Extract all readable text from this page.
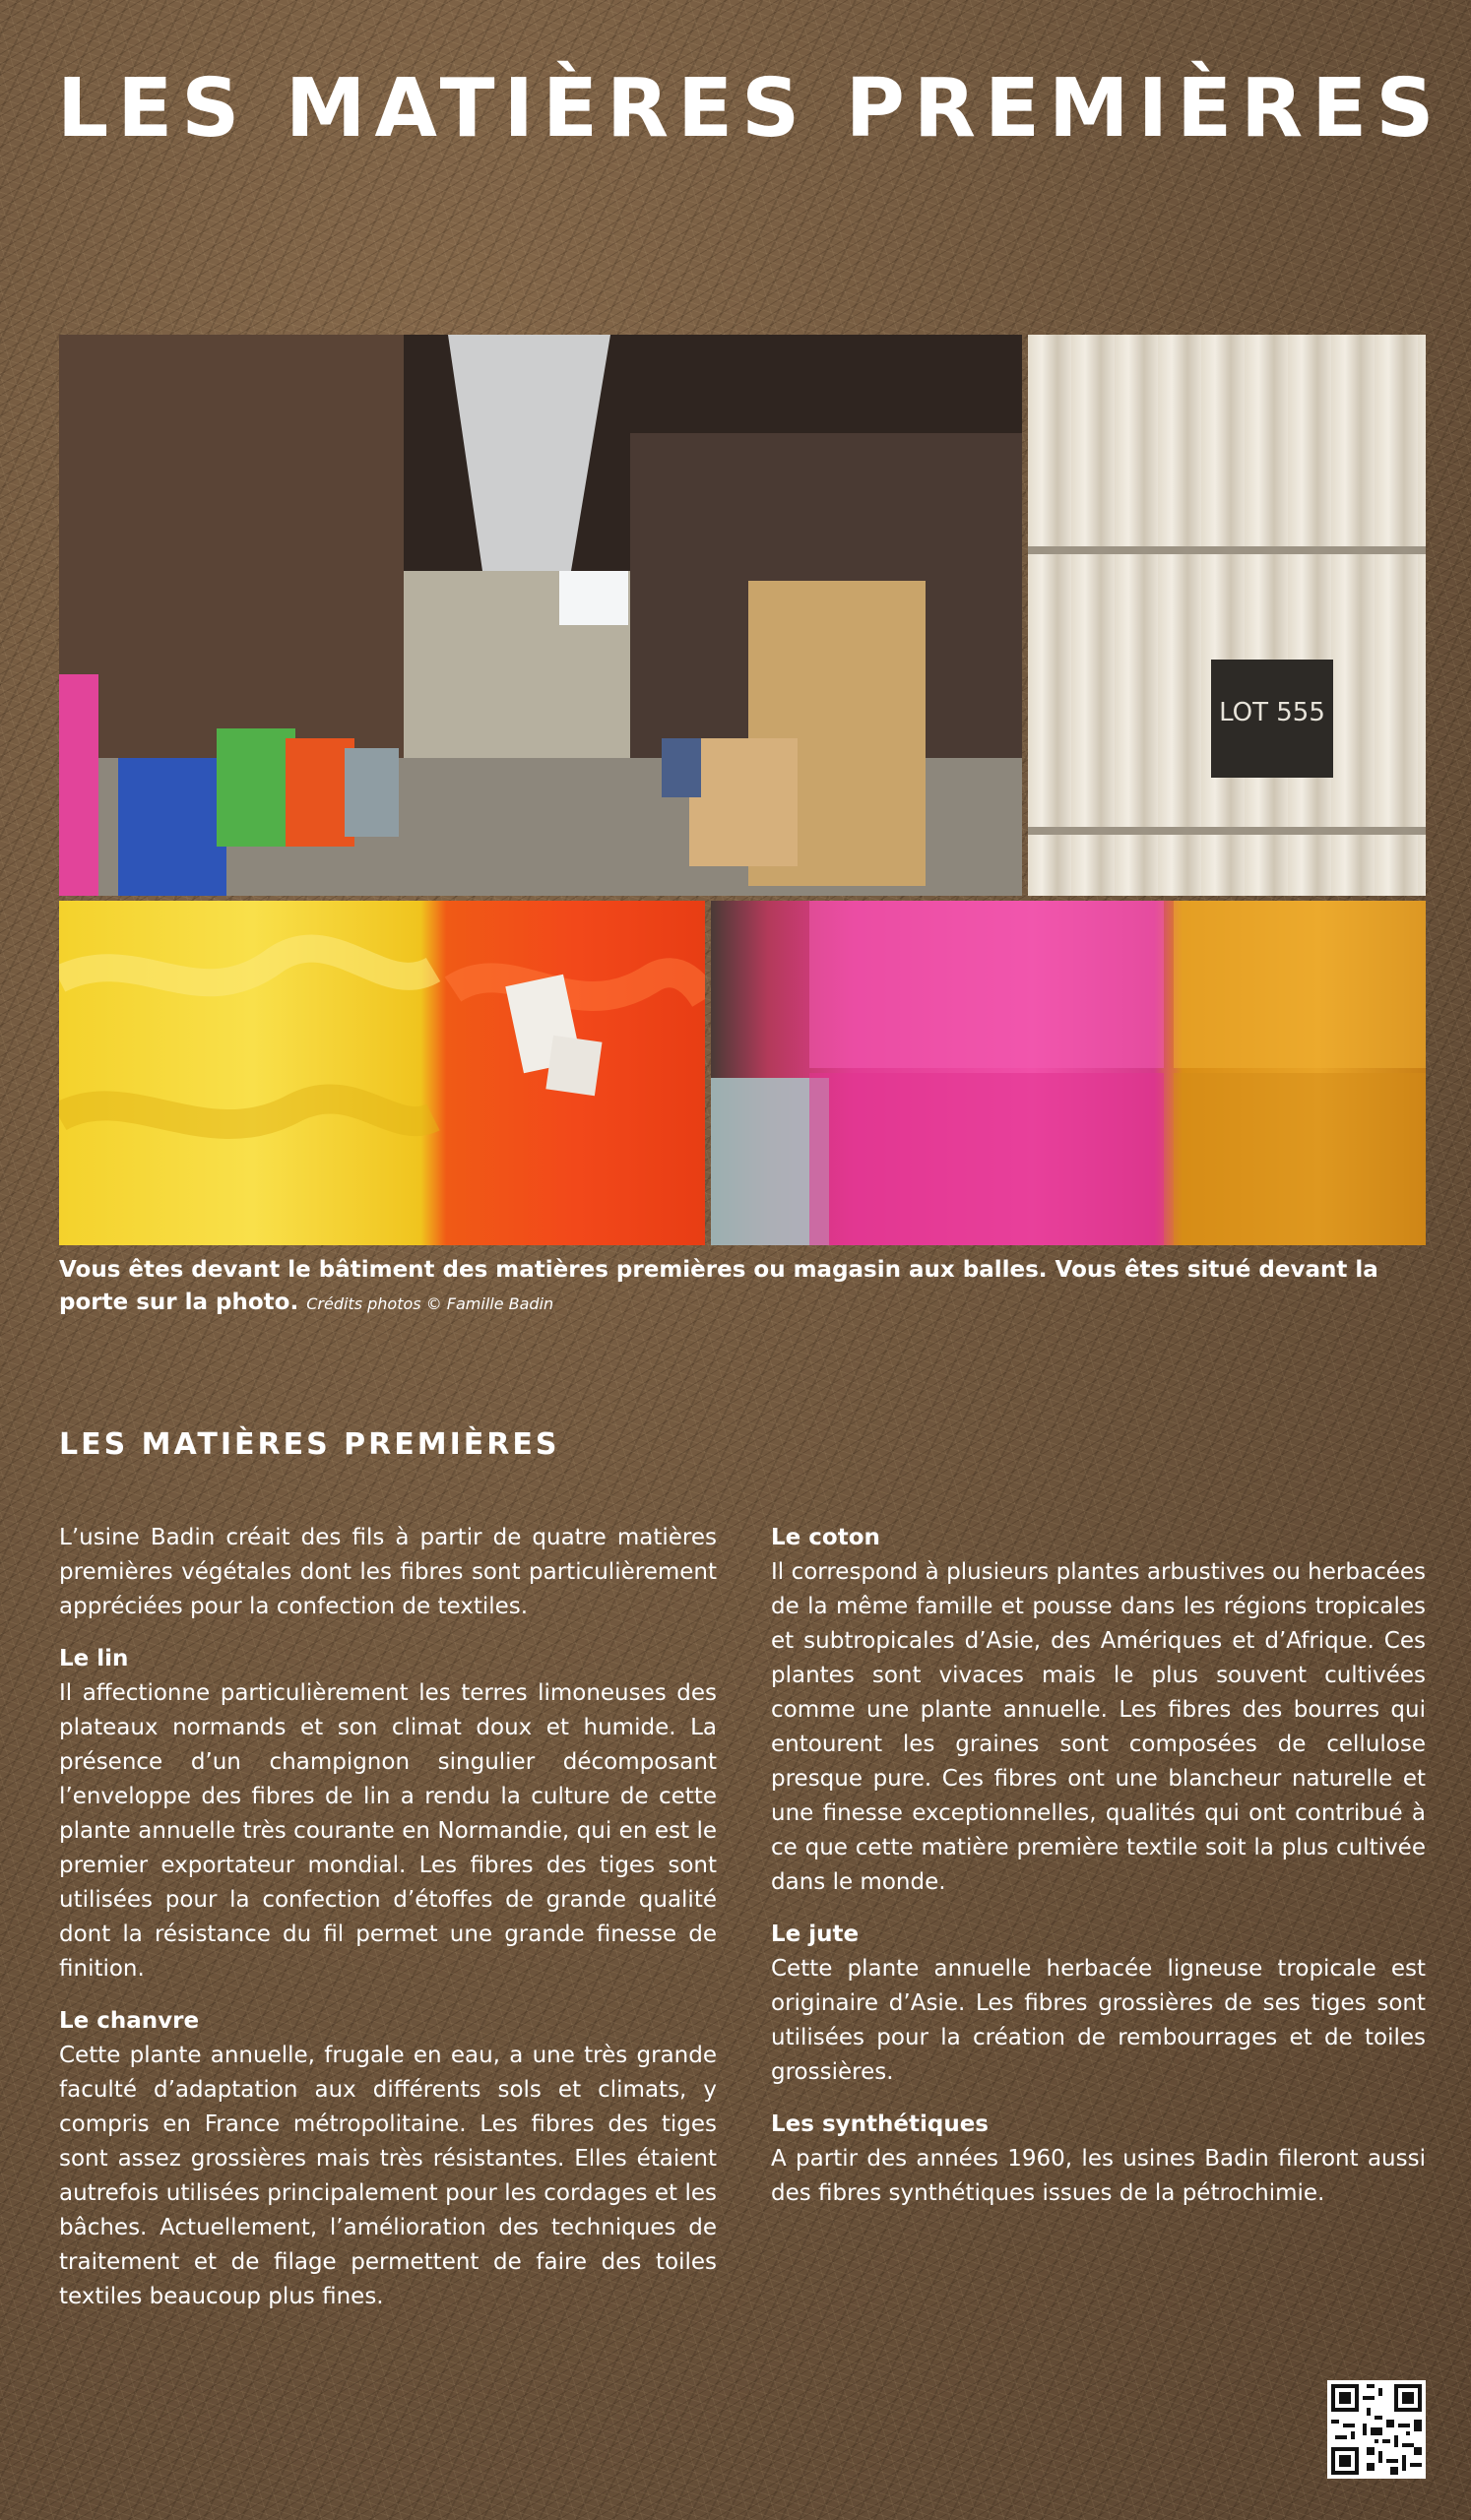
LES MATIÈRES PREMIÈRES
LOT 555

Vous êtes devant le bâtiment des matières premières ou magasin aux balles. Vous êtes situé devant la porte sur la photo. Crédits photos © Famille Badin

LES MATIÈRES PREMIÈRES

L’usine Badin créait des fils à partir de quatre matières premières végétales dont les fibres sont particulièrement appréciées pour la confection de textiles.

Le lin

Il affectionne particulièrement les terres limoneuses des plateaux normands et son climat doux et humide. La présence d’un champignon singulier décomposant l’enveloppe des fibres de lin a rendu la culture de cette plante annuelle très courante en Normandie, qui en est le premier exportateur mondial. Les fibres des tiges sont utilisées pour la confection d’étoffes de grande qualité dont la résistance du fil permet une grande finesse de finition.

Le chanvre

Cette plante annuelle, frugale en eau, a une très grande faculté d’adaptation aux différents sols et climats, y compris en France métropolitaine. Les fibres des tiges sont assez grossières mais très résistantes. Elles étaient autrefois utilisées principalement pour les cordages et les bâches. Actuellement, l’amélioration des techniques de traitement et de filage permettent de faire des toiles textiles beaucoup plus fines.

Le coton

Il correspond à plusieurs plantes arbustives ou herbacées de la même famille et pousse dans les régions tropicales et subtropicales d’Asie, des Amériques et d’Afrique. Ces plantes sont vivaces mais le plus souvent cultivées comme une plante annuelle. Les fibres des bourres qui entourent les graines sont composées de cellulose presque pure. Ces fibres ont une blancheur naturelle et une finesse exceptionnelles, qualités qui ont contribué à ce que cette matière première textile soit la plus cultivée dans le monde.

Le jute

Cette plante annuelle herbacée ligneuse tropicale est originaire d’Asie. Les fibres grossières de ses tiges sont utilisées pour la création de rembourrages et de toiles grossières.

Les synthétiques

A partir des années 1960, les usines Badin fileront aussi des fibres synthétiques issues de la pétrochimie.
